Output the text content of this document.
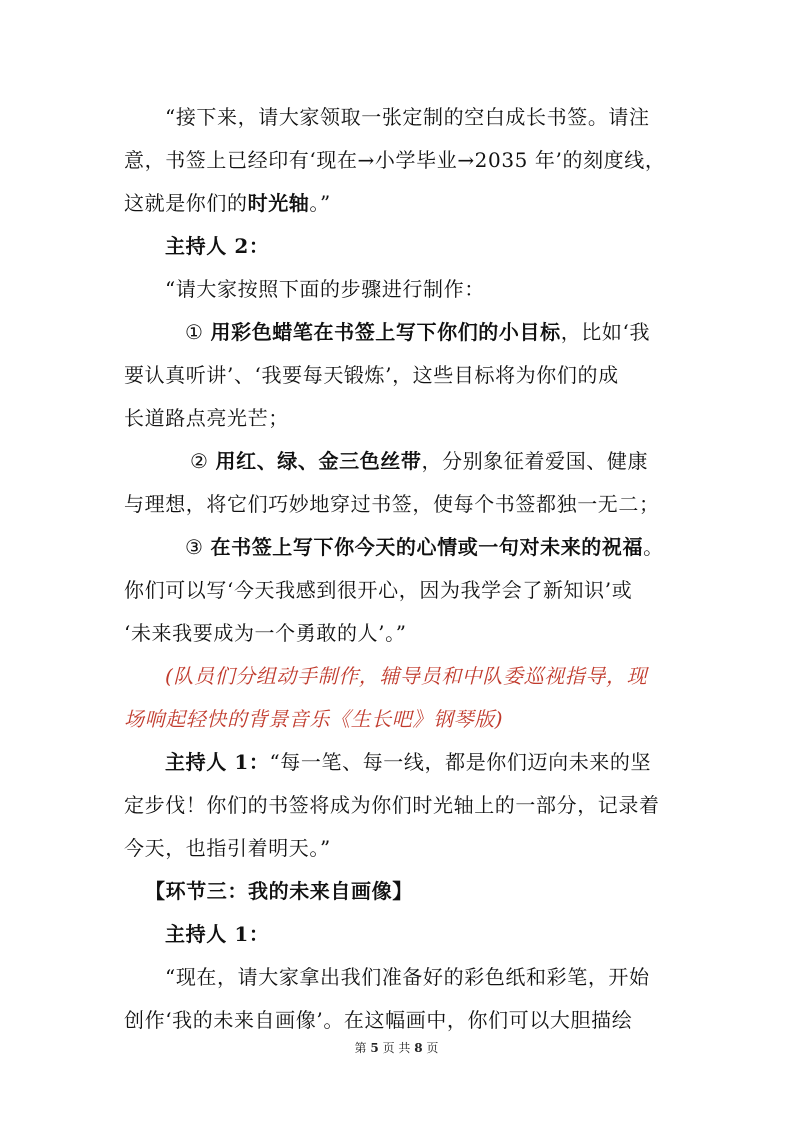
“接下来，请大家领取一张定制的空白成长书签。请注
意，书签上已经印有‘现在→小学毕业→2035 年’的刻度线，
这就是你们的时光轴。”
主持人 2：
“请大家按照下面的步骤进行制作：
① 用彩色蜡笔在书签上写下你们的小目标，比如‘我
要认真听讲’、‘我要每天锻炼’，这些目标将为你们的成
长道路点亮光芒；
② 用红、绿、金三色丝带，分别象征着爱国、健康
与理想，将它们巧妙地穿过书签，使每个书签都独一无二；
③ 在书签上写下你今天的心情或一句对未来的祝福。
你们可以写‘今天我感到很开心，因为我学会了新知识’或
‘未来我要成为一个勇敢的人’。”
(队员们分组动手制作，辅导员和中队委巡视指导，现
场响起轻快的背景音乐《生长吧》钢琴版)
主持人 1：“每一笔、每一线，都是你们迈向未来的坚
定步伐！你们的书签将成为你们时光轴上的一部分，记录着
今天，也指引着明天。”
【环节三：我的未来自画像】
主持人 1：
“现在，请大家拿出我们准备好的彩色纸和彩笔，开始
创作‘我的未来自画像’。在这幅画中，你们可以大胆描绘
第 5 页 共 8 页
